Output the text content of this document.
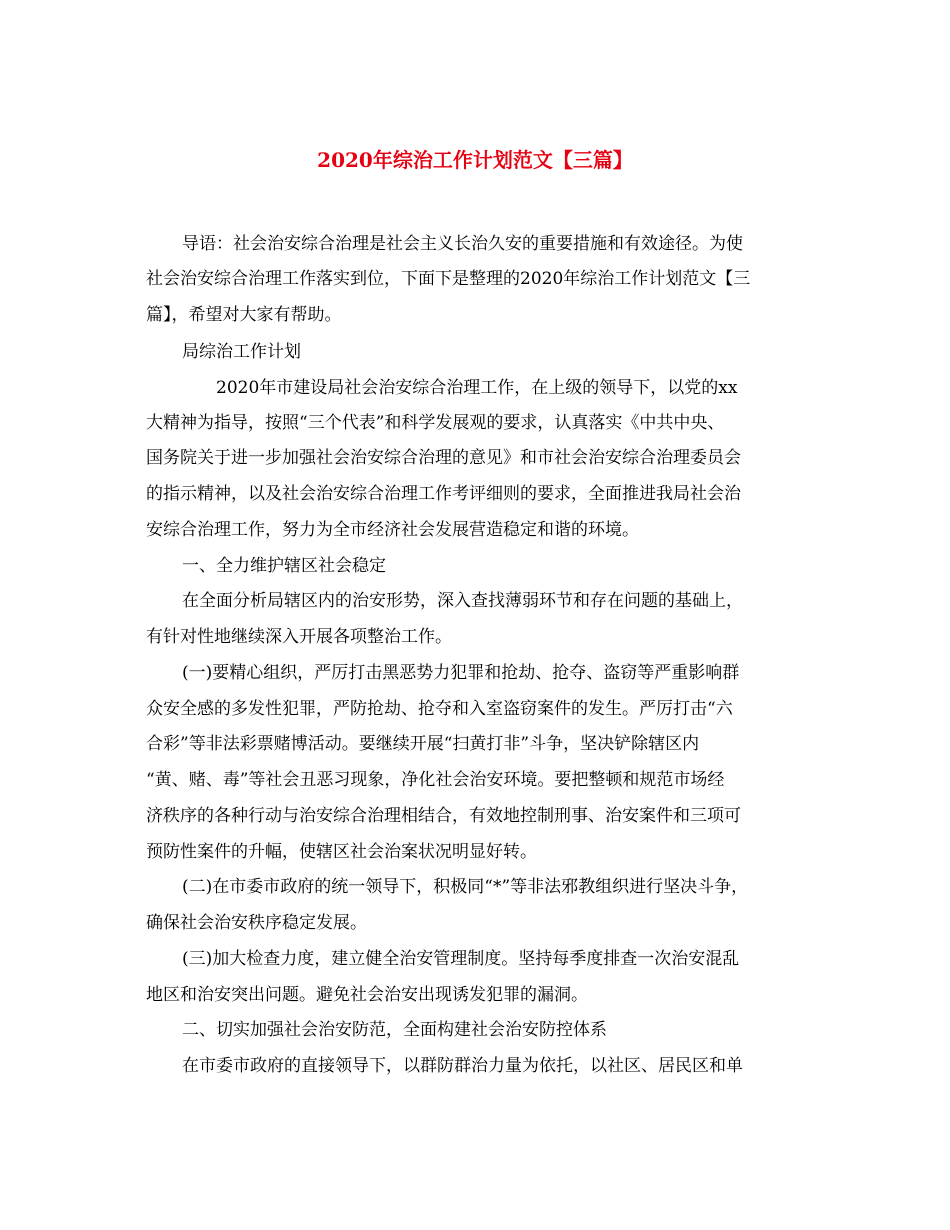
2020年综治工作计划范文【三篇】
导语：社会治安综合治理是社会主义长治久安的重要措施和有效途径。为使
社会治安综合治理工作落实到位，下面下是整理的2020年综治工作计划范文【三
篇】，希望对大家有帮助。
局综治工作计划
2020年市建设局社会治安综合治理工作，在上级的领导下，以党的xx
大精神为指导，按照“三个代表”和科学发展观的要求，认真落实《中共中央、
国务院关于进一步加强社会治安综合治理的意见》和市社会治安综合治理委员会
的指示精神，以及社会治安综合治理工作考评细则的要求，全面推进我局社会治
安综合治理工作，努力为全市经济社会发展营造稳定和谐的环境。
一、全力维护辖区社会稳定
在全面分析局辖区内的治安形势，深入查找薄弱环节和存在问题的基础上，
有针对性地继续深入开展各项整治工作。
(一)要精心组织，严厉打击黑恶势力犯罪和抢劫、抢夺、盗窃等严重影响群
众安全感的多发性犯罪，严防抢劫、抢夺和入室盗窃案件的发生。严厉打击“六
合彩”等非法彩票赌博活动。要继续开展“扫黄打非”斗争，坚决铲除辖区内
“黄、赌、毒”等社会丑恶习现象，净化社会治安环境。要把整顿和规范市场经
济秩序的各种行动与治安综合治理相结合，有效地控制刑事、治安案件和三项可
预防性案件的升幅，使辖区社会治案状况明显好转。
(二)在市委市政府的统一领导下，积极同“*”等非法邪教组织进行坚决斗争，
确保社会治安秩序稳定发展。
(三)加大检查力度，建立健全治安管理制度。坚持每季度排查一次治安混乱
地区和治安突出问题。避免社会治安出现诱发犯罪的漏洞。
二、切实加强社会治安防范，全面构建社会治安防控体系
在市委市政府的直接领导下，以群防群治力量为依托，以社区、居民区和单
